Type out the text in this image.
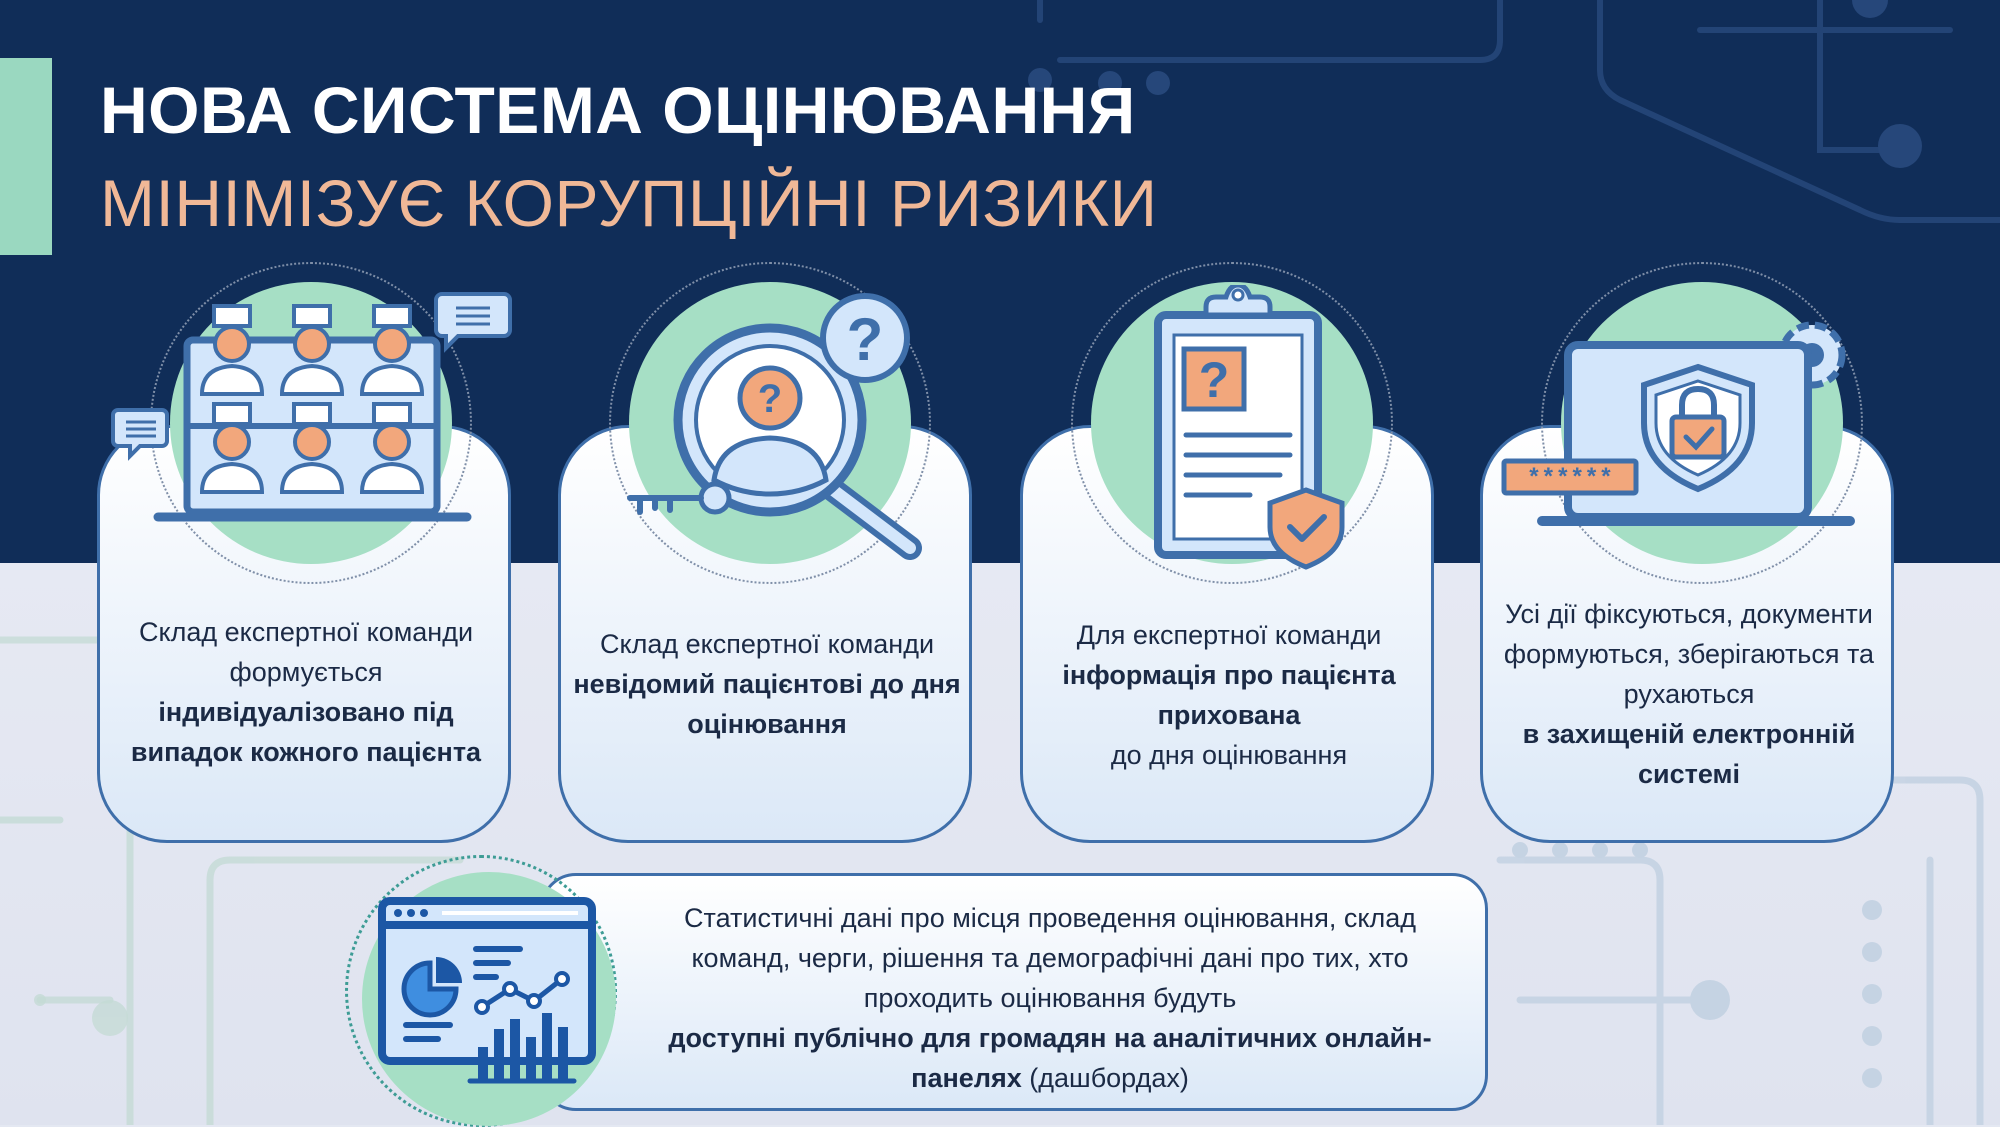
НОВА СИСТЕМА ОЦІНЮВАННЯ
МІНІМІЗУЄ КОРУПЦІЙНІ РИЗИКИ
Склад експертної команди формується
індивідуалізовано під випадок кожного пацієнта
?
?
Склад експертної команди
невідомий пацієнтові до дня оцінювання
?
Для експертної команди
інформація про пацієнта прихована
до дня оцінювання
******
Усі дії фіксуються, документи формуються, зберігаються та рухаються
в захищеній електронній системі
Статистичні дані про місця проведення оцінювання, склад команд, черги, рішення та демографічні дані про тих, хто проходить оцінювання будуть
доступні публічно для громадян на аналітичних онлайн-панелях (дашбордах)
